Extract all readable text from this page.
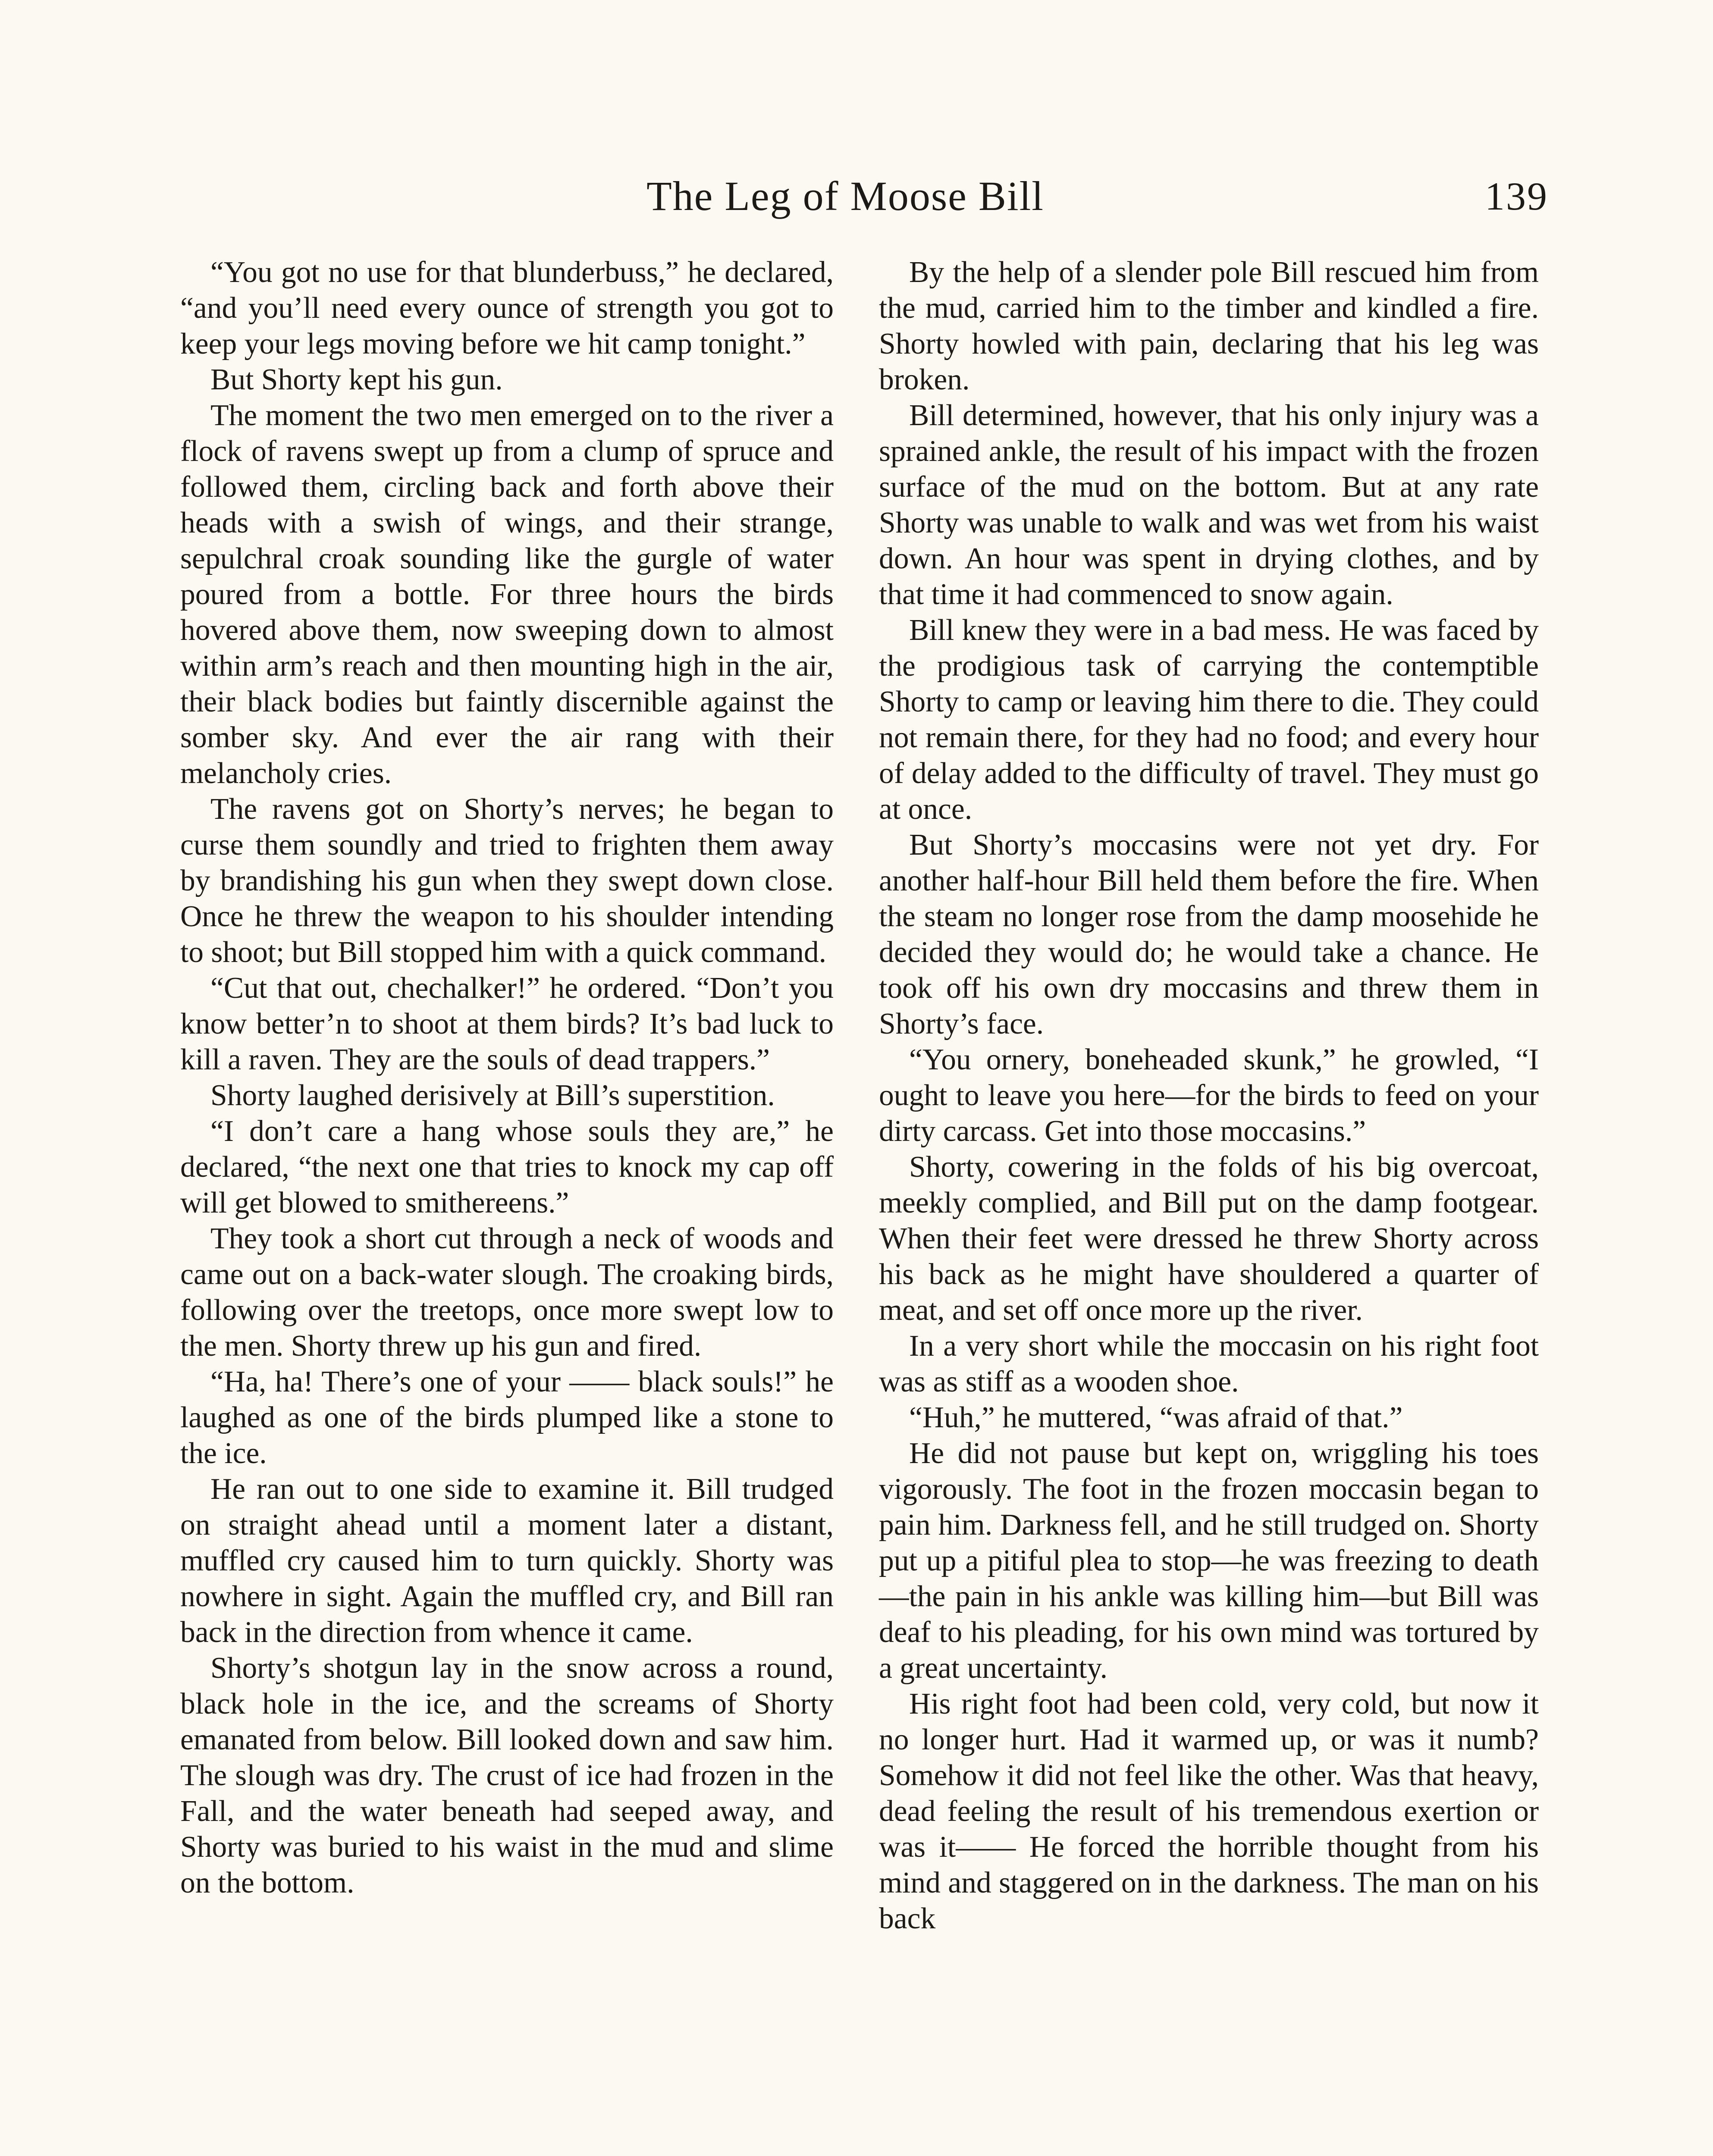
The Leg of Moose Bill	139

“You got no use for that blunderbuss,” he declared, “and you’ll need every ounce of strength you got to keep your legs moving before we hit camp tonight.”

But Shorty kept his gun.

The moment the two men emerged on to the river a flock of ravens swept up from a clump of spruce and followed them, circling back and forth above their heads with a swish of wings, and their strange, sepulchral croak sounding like the gurgle of water poured from a bottle. For three hours the birds hovered above them, now sweeping down to almost within arm’s reach and then mounting high in the air, their black bodies but faintly discernible against the somber sky. And ever the air rang with their melancholy cries.

The ravens got on Shorty’s nerves; he began to curse them soundly and tried to frighten them away by brandishing his gun when they swept down close. Once he threw the weapon to his shoulder intending to shoot; but Bill stopped him with a quick command.

“Cut that out, chechalker!” he ordered. “Don’t you know better’n to shoot at them birds? It’s bad luck to kill a raven. They are the souls of dead trappers.”

Shorty laughed derisively at Bill’s superstition.

“I don’t care a hang whose souls they are,” he declared, “the next one that tries to knock my cap off will get blowed to smithereens.”

They took a short cut through a neck of woods and came out on a back-water slough. The croaking birds, following over the treetops, once more swept low to the men. Shorty threw up his gun and fired.

“Ha, ha! There’s one of your —— black souls!” he laughed as one of the birds plumped like a stone to the ice.

He ran out to one side to examine it. Bill trudged on straight ahead until a moment later a distant, muffled cry caused him to turn quickly. Shorty was nowhere in sight. Again the muffled cry, and Bill ran back in the direction from whence it came.

Shorty’s shotgun lay in the snow across a round, black hole in the ice, and the screams of Shorty emanated from below. Bill looked down and saw him. The slough was dry. The crust of ice had frozen in the Fall, and the water beneath had seeped away, and Shorty was buried to his waist in the mud and slime on the bottom.

By the help of a slender pole Bill rescued him from the mud, carried him to the timber and kindled a fire. Shorty howled with pain, declaring that his leg was broken.

Bill determined, however, that his only injury was a sprained ankle, the result of his impact with the frozen surface of the mud on the bottom. But at any rate Shorty was unable to walk and was wet from his waist down. An hour was spent in drying clothes, and by that time it had commenced to snow again.

Bill knew they were in a bad mess. He was faced by the prodigious task of carrying the contemptible Shorty to camp or leaving him there to die. They could not remain there, for they had no food; and every hour of delay added to the difficulty of travel. They must go at once.

But Shorty’s moccasins were not yet dry. For another half-hour Bill held them before the fire. When the steam no longer rose from the damp moosehide he decided they would do; he would take a chance. He took off his own dry moccasins and threw them in Shorty’s face.

“You ornery, boneheaded skunk,” he growled, “I ought to leave you here—for the birds to feed on your dirty carcass. Get into those moccasins.”

Shorty, cowering in the folds of his big overcoat, meekly complied, and Bill put on the damp footgear. When their feet were dressed he threw Shorty across his back as he might have shouldered a quarter of meat, and set off once more up the river.

In a very short while the moccasin on his right foot was as stiff as a wooden shoe.

“Huh,” he muttered, “was afraid of that.”

He did not pause but kept on, wriggling his toes vigorously. The foot in the frozen moccasin began to pain him. Darkness fell, and he still trudged on. Shorty put up a pitiful plea to stop—he was freezing to death—the pain in his ankle was killing him—but Bill was deaf to his pleading, for his own mind was tortured by a great uncertainty.

His right foot had been cold, very cold, but now it no longer hurt. Had it warmed up, or was it numb? Somehow it did not feel like the other. Was that heavy, dead feeling the result of his tremendous exertion or was it—— He forced the horrible thought from his mind and staggered on in the darkness. The man on his back
